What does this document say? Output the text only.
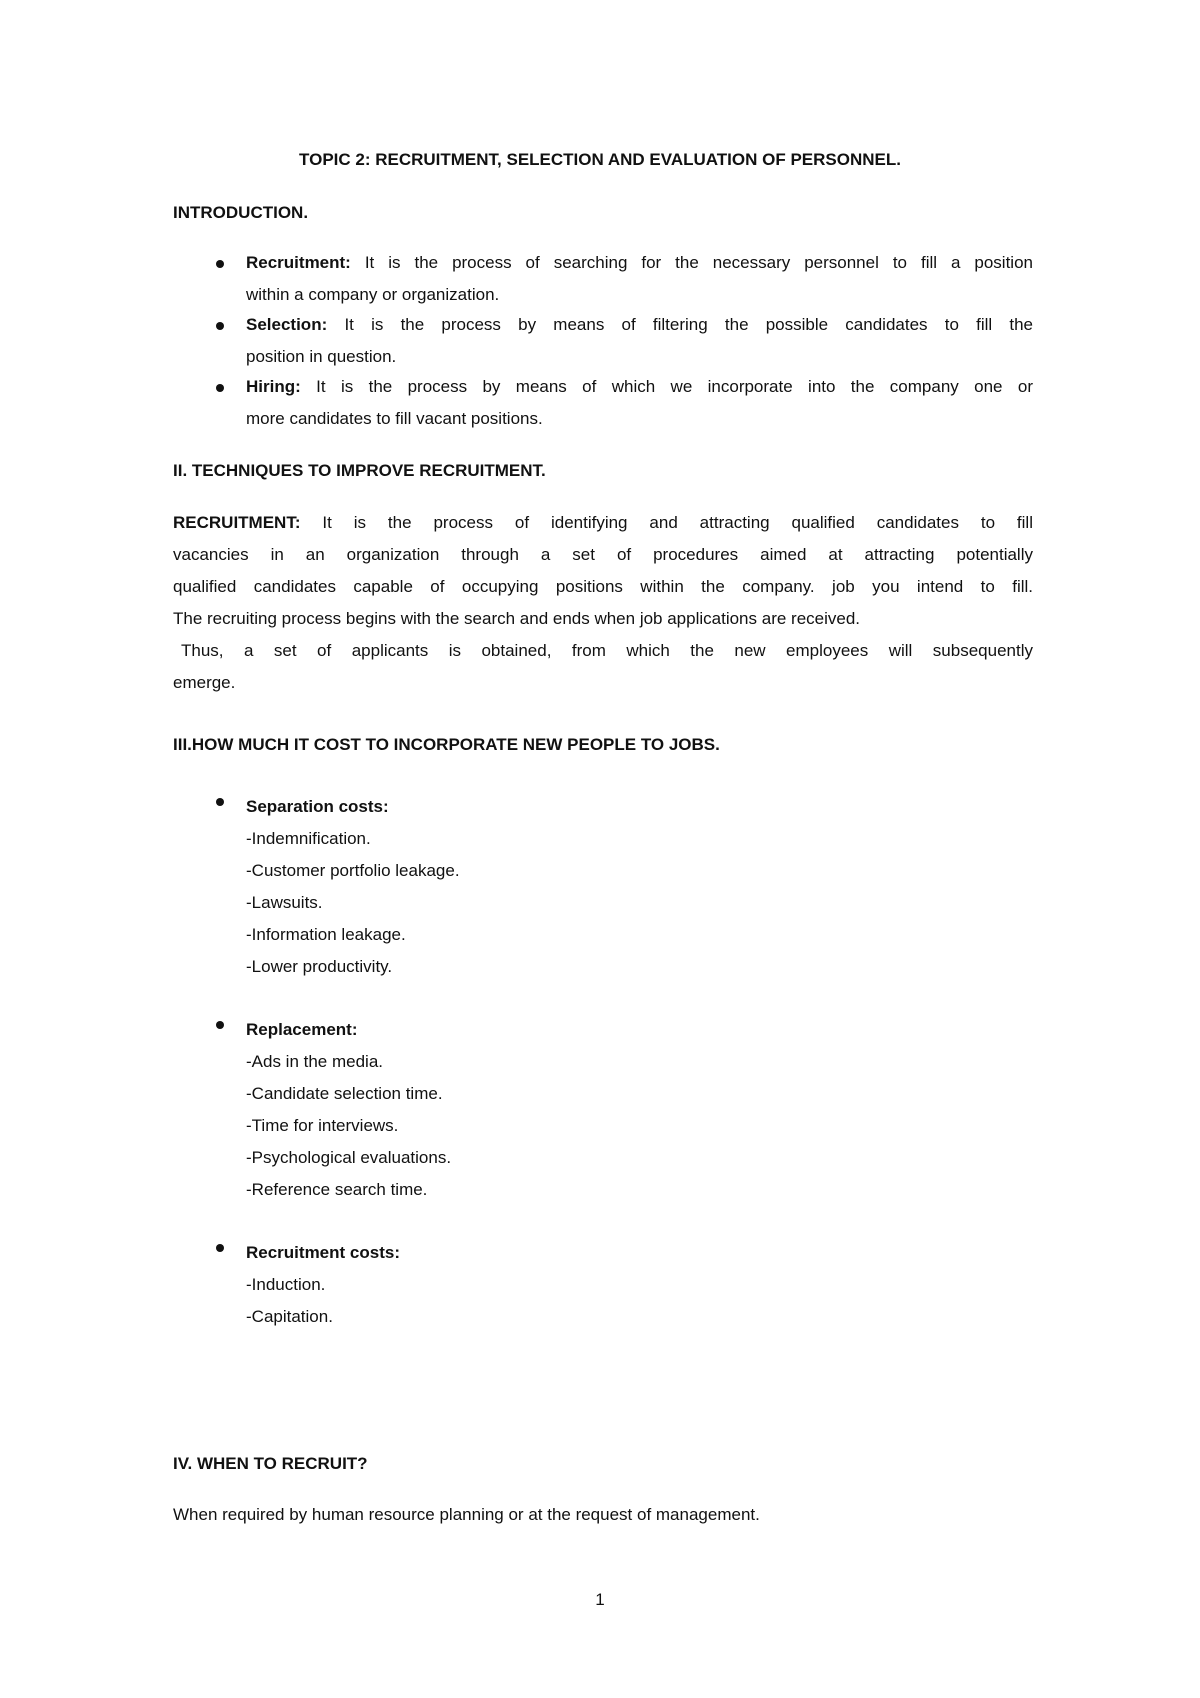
TOPIC 2: RECRUITMENT, SELECTION AND EVALUATION OF PERSONNEL.
INTRODUCTION.
Recruitment: It is the process of searching for the necessary personnel to fill a position
within a company or organization.
Selection: It is the process by means of filtering the possible candidates to fill the
position in question.
Hiring: It is the process by means of which we incorporate into the company one or
more candidates to fill vacant positions.
II. TECHNIQUES TO IMPROVE RECRUITMENT.
RECRUITMENT: It is the process of identifying and attracting qualified candidates to fill
vacancies in an organization through a set of procedures aimed at attracting potentially
qualified candidates capable of occupying positions within the company. job you intend to fill.
The recruiting process begins with the search and ends when job applications are received.
Thus, a set of applicants is obtained, from which the new employees will subsequently
emerge.
III.HOW MUCH IT COST TO INCORPORATE NEW PEOPLE TO JOBS.
Separation costs:
-Indemnification.
-Customer portfolio leakage.
-Lawsuits.
-Information leakage.
-Lower productivity.
Replacement:
-Ads in the media.
-Candidate selection time.
-Time for interviews.
-Psychological evaluations.
-Reference search time.
Recruitment costs:
-Induction.
-Capitation.
IV. WHEN TO RECRUIT?
When required by human resource planning or at the request of management.
1
